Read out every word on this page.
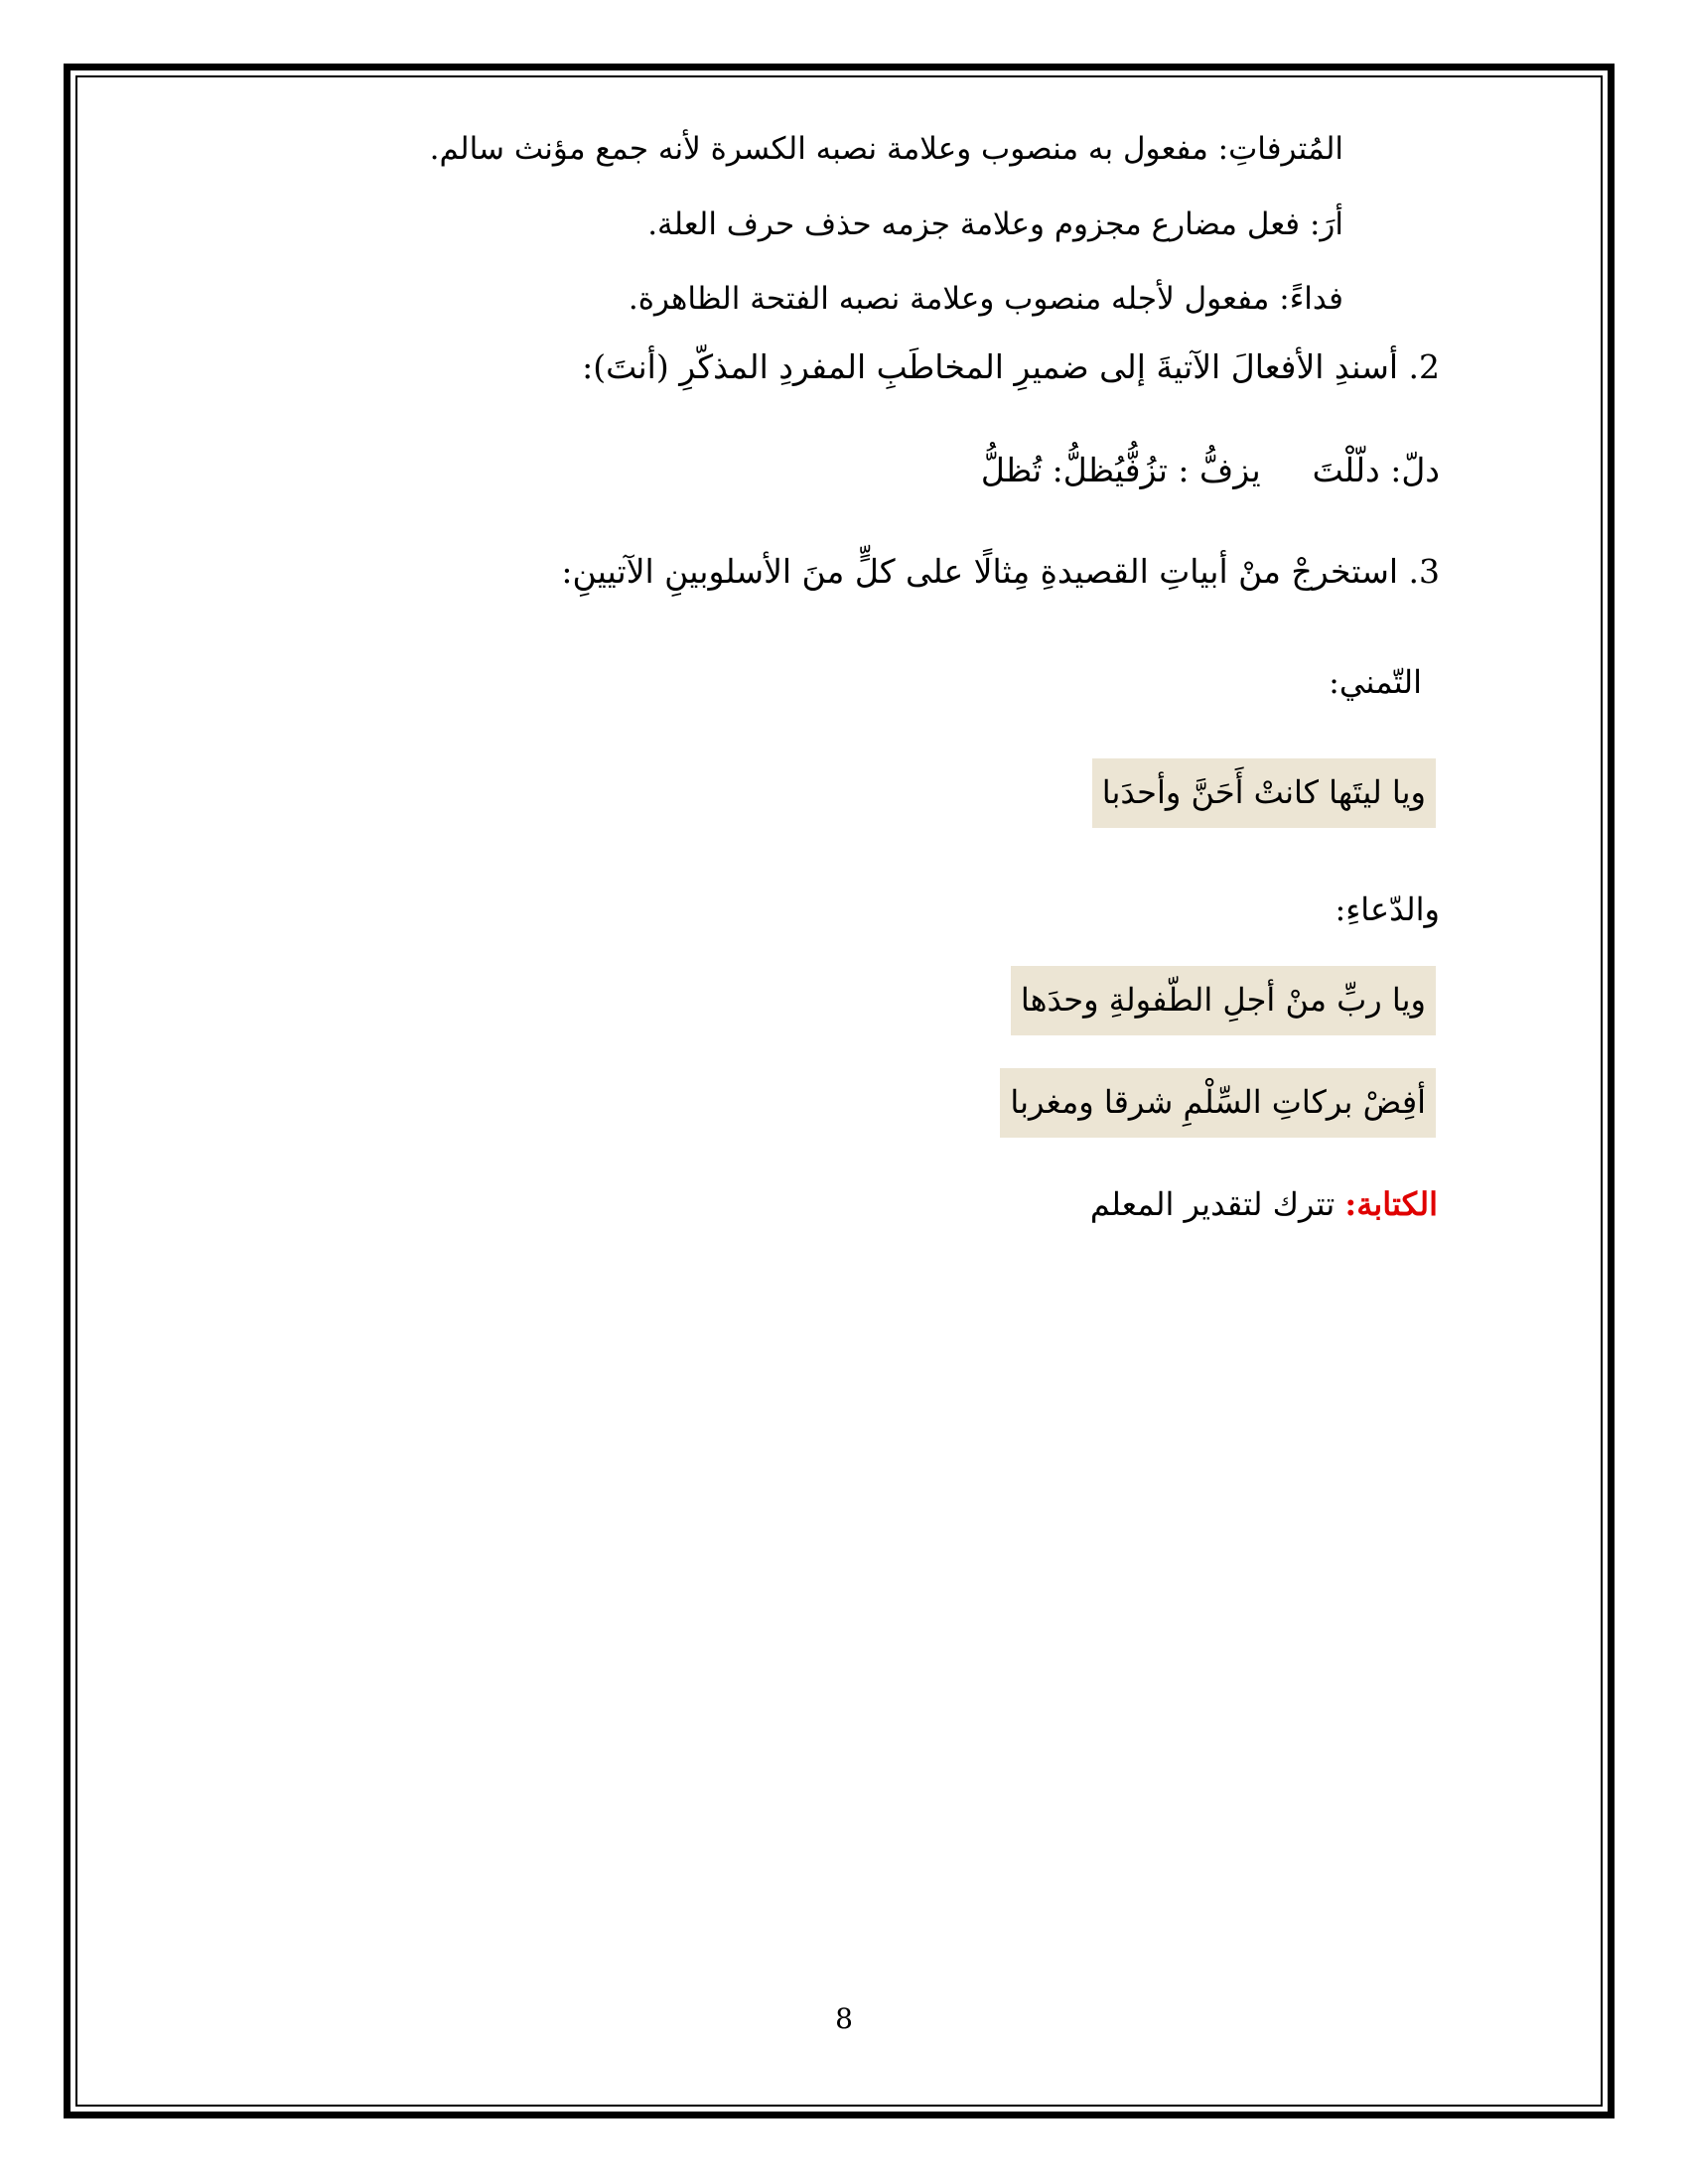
المُترفاتِ: مفعول به منصوب وعلامة نصبه الكسرة لأنه جمع مؤنث سالم.
أرَ: فعل مضارع مجزوم وعلامة جزمه حذف حرف العلة.
فداءً: مفعول لأجله منصوب وعلامة نصبه الفتحة الظاهرة.
2. أسندِ الأفعالَ الآتيةَ إلى ضميرِ المخاطَبِ المفردِ المذكّرِ (أنتَ):
دلّ: دلّلْتَيزفُّ : تزُفُّيُظلُّ: تُظلُّ
3. استخرجْ منْ أبياتِ القصيدةِ مِثالًا على كلٍّ منَ الأسلوبينِ الآتيينِ:
التّمني:
ويا ليتَها كانتْ أَحَنَّ وأحدَبا
والدّعاءِ:
ويا ربِّ منْ أجلِ الطّفولةِ وحدَها
أفِضْ بركاتِ السِّلْمِ شرقا ومغربا
الكتابة: تترك لتقدير المعلم
8
